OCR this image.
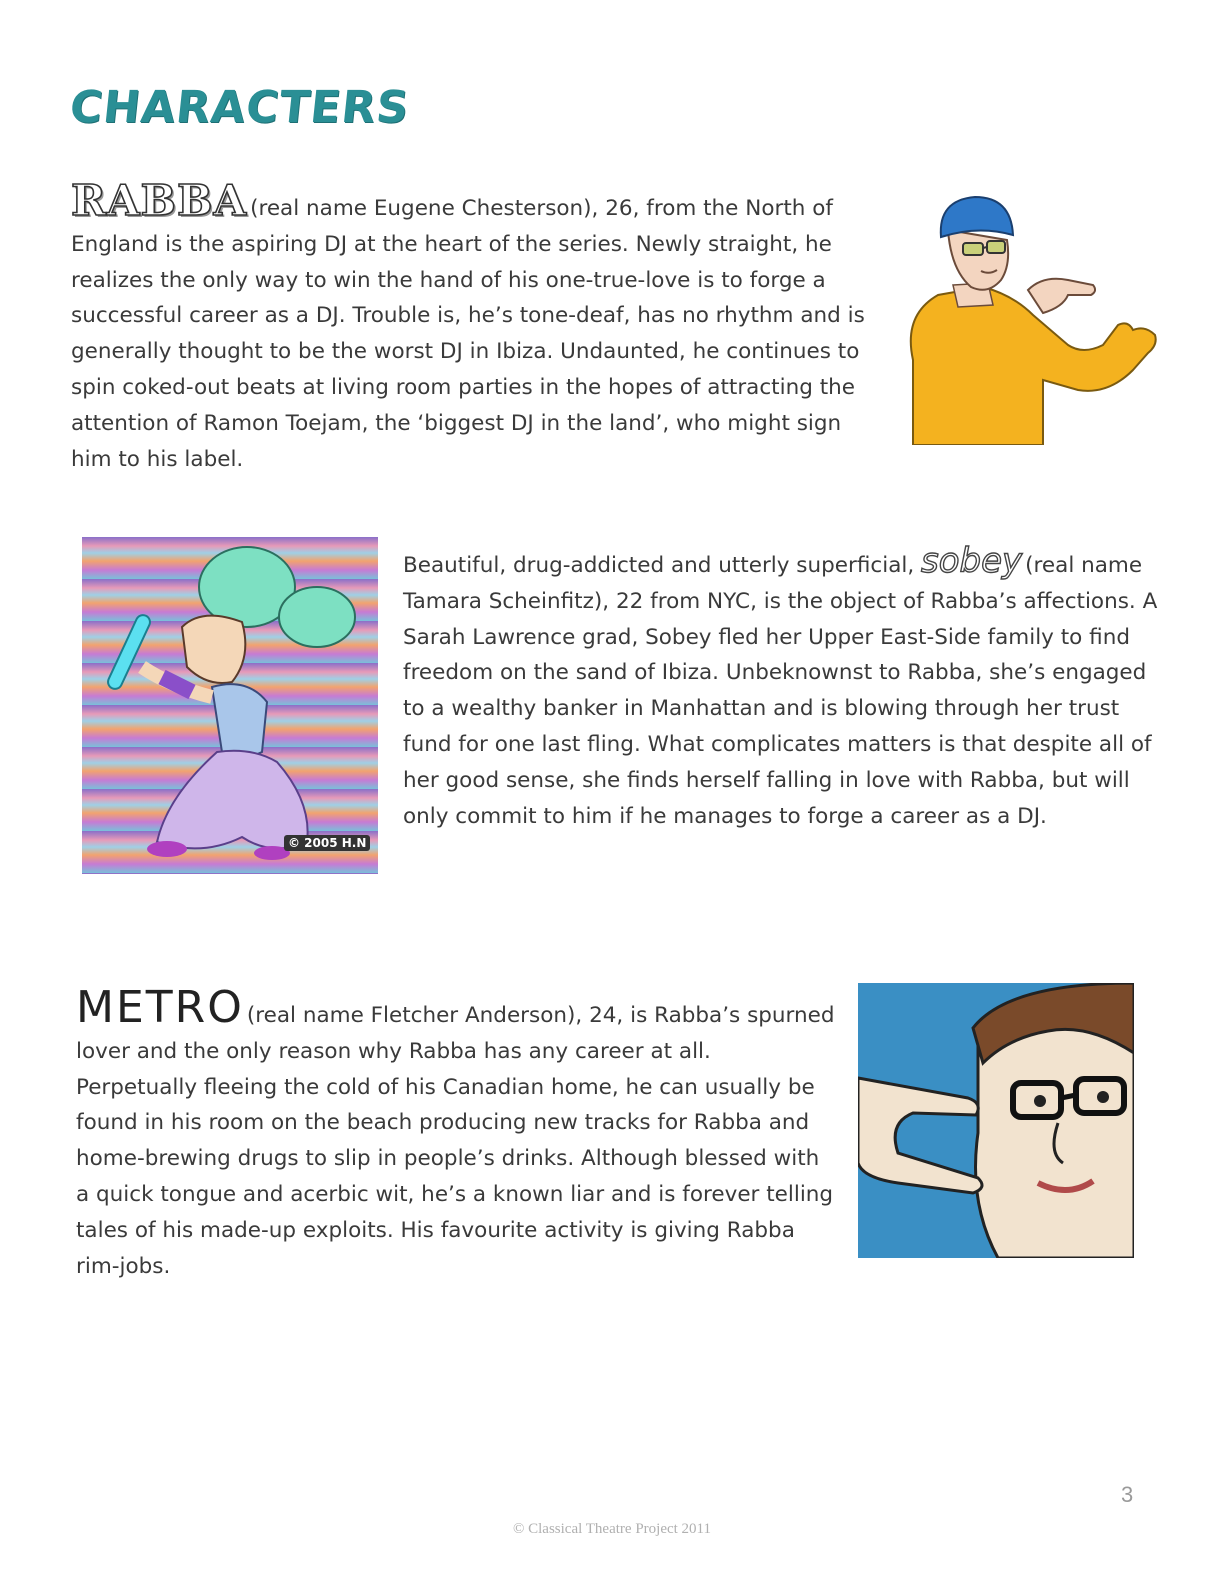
CHARACTERS
RABBA (real name Eugene Chesterson), 26, from the North of England is the aspiring DJ at the heart of the series. Newly straight, he realizes the only way to win the hand of his one-true-love is to forge a successful career as a DJ. Trouble is, he’s tone-deaf, has no rhythm and is generally thought to be the worst DJ in Ibiza. Undaunted, he continues to spin coked-out beats at living room parties in the hopes of attracting the attention of Ramon Toejam, the ‘biggest DJ in the land’, who might sign him to his label.
© 2005 H.N
Beautiful, drug-addicted and utterly superficial, sobey (real name Tamara Scheinfitz), 22 from NYC, is the object of Rabba’s affections. A Sarah Lawrence grad, Sobey fled her Upper East-Side family to find freedom on the sand of Ibiza. Unbeknownst to Rabba, she’s engaged to a wealthy banker in Manhattan and is blowing through her trust fund for one last fling. What complicates matters is that despite all of her good sense, she finds herself falling in love with Rabba, but will only commit to him if he manages to forge a career as a DJ.
METRO (real name Fletcher Anderson), 24, is Rabba’s spurned lover and the only reason why Rabba has any career at all. Perpetually fleeing the cold of his Canadian home, he can usually be found in his room on the beach producing new tracks for Rabba and home-brewing drugs to slip in people’s drinks. Although blessed with a quick tongue and acerbic wit, he’s a known liar and is forever telling tales of his made-up exploits. His favourite activity is giving Rabba rim-jobs.
3
© Classical Theatre Project 2011
